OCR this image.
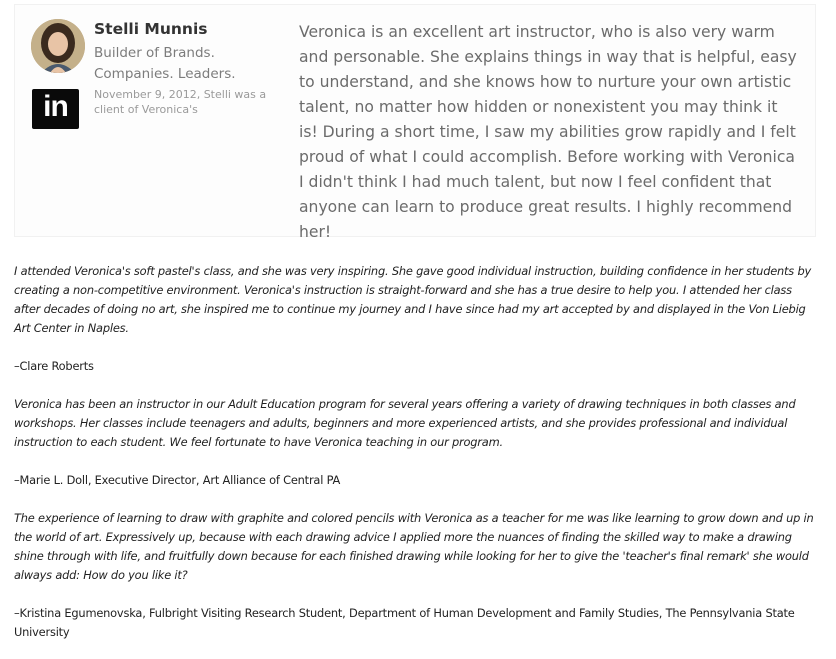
in
Stelli Munnis
Builder of Brands. Companies. Leaders.
November 9, 2012, Stelli was a client of Veronica's
Veronica is an excellent art instructor, who is also very warm and personable. She explains things in way that is helpful, easy to understand, and she knows how to nurture your own artistic talent, no matter how hidden or nonexistent you may think it is! During a short time, I saw my abilities grow rapidly and I felt proud of what I could accomplish. Before working with Veronica I didn't think I had much talent, but now I feel confident that anyone can learn to produce great results. I highly recommend her!

I attended Veronica's soft pastel's class, and she was very inspiring. She gave good individual instruction, building confidence in her students by creating a non-competitive environment. Veronica's instruction is straight-forward and she has a true desire to help you. I attended her class after decades of doing no art, she inspired me to continue my journey and I have since had my art accepted by and displayed in the Von Liebig Art Center in Naples.

–Clare Roberts

Veronica has been an instructor in our Adult Education program for several years offering a variety of drawing techniques in both classes and workshops. Her classes include teenagers and adults, beginners and more experienced artists, and she provides professional and individual instruction to each student. We feel fortunate to have Veronica teaching in our program.

–Marie L. Doll, Executive Director, Art Alliance of Central PA

The experience of learning to draw with graphite and colored pencils with Veronica as a teacher for me was like learning to grow down and up in the world of art. Expressively up, because with each drawing advice I applied more the nuances of finding the skilled way to make a drawing shine through with life, and fruitfully down because for each finished drawing while looking for her to give the 'teacher's final remark' she would always add: How do you like it?

–Kristina Egumenovska, Fulbright Visiting Research Student, Department of Human Development and Family Studies, The Pennsylvania State University
